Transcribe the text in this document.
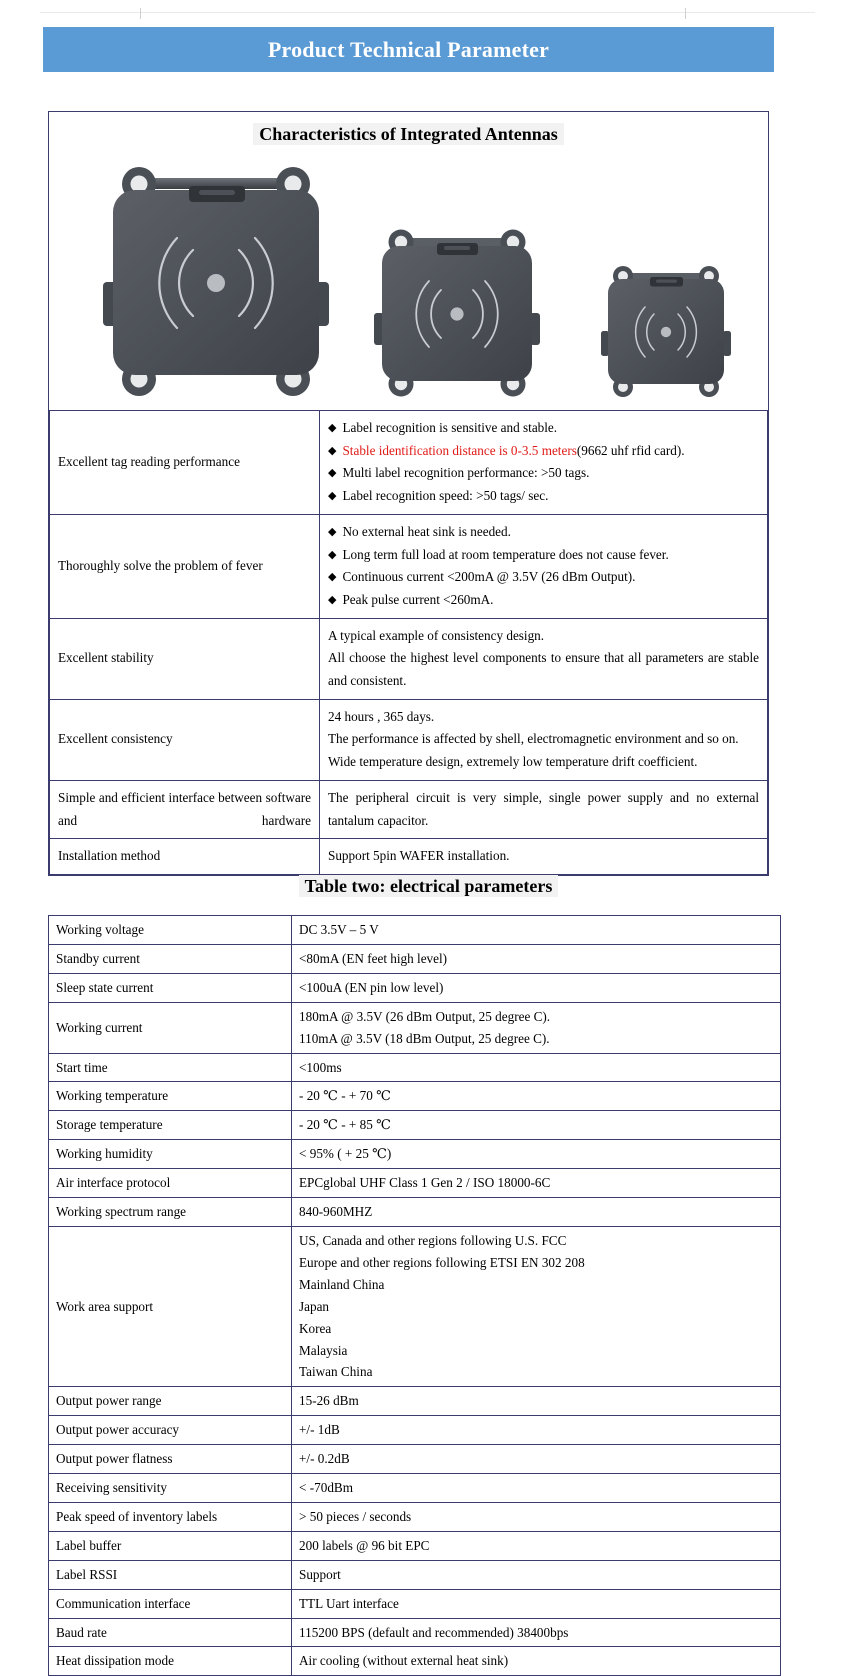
Product Technical Parameter
Characteristics of Integrated Antennas
Excellent tag reading performance	◆ Label recognition is sensitive and stable.
◆ Stable identification distance is 0-3.5 meters(9662 uhf rfid card).
◆ Multi label recognition performance: >50 tags.
◆ Label recognition speed: >50 tags/ sec.

Thoroughly solve the problem of fever	◆ No external heat sink is needed.
◆ Long term full load at room temperature does not cause fever.
◆ Continuous current <200mA @ 3.5V (26 dBm Output).
◆ Peak pulse current <260mA.

Excellent stability	A typical example of consistency design.
All choose the highest level components to ensure that all parameters are stable and consistent.

Excellent consistency	24 hours , 365 days.
The performance is affected by shell, electromagnetic environment and so on.
Wide temperature design, extremely low temperature drift coefficient.

Simple and efficient interface between software and hardware	The peripheral circuit is very simple, single power supply and no external tantalum capacitor.
Installation method	Support 5pin WAFER installation.
Table two: electrical parameters
Working voltage	DC 3.5V – 5 V
Standby current	<80mA (EN feet high level)
Sleep state current	<100uA (EN pin low level)
Working current	180mA @ 3.5V (26 dBm Output, 25 degree C).
110mA @ 3.5V (18 dBm Output, 25 degree C).

Start time	<100ms
Working temperature	- 20 ℃ - + 70 ℃
Storage temperature	- 20 ℃ - + 85 ℃
Working humidity	< 95% ( + 25 ℃)
Air interface protocol	EPCglobal UHF Class 1 Gen 2 / ISO 18000-6C
Working spectrum range	840-960MHZ
Work area support	
US, Canada and other regions following U.S. FCC
Europe and other regions following ETSI EN 302 208
Mainland China
Japan
Korea
Malaysia
Taiwan China

Output power range	15-26 dBm
Output power accuracy	+/- 1dB
Output power flatness	+/- 0.2dB
Receiving sensitivity	< -70dBm
Peak speed of inventory labels	> 50 pieces / seconds
Label buffer	200 labels @ 96 bit EPC
Label RSSI	Support
Communication interface	TTL Uart interface
Baud rate	115200 BPS (default and recommended) 38400bps
Heat dissipation mode	Air cooling (without external heat sink)
